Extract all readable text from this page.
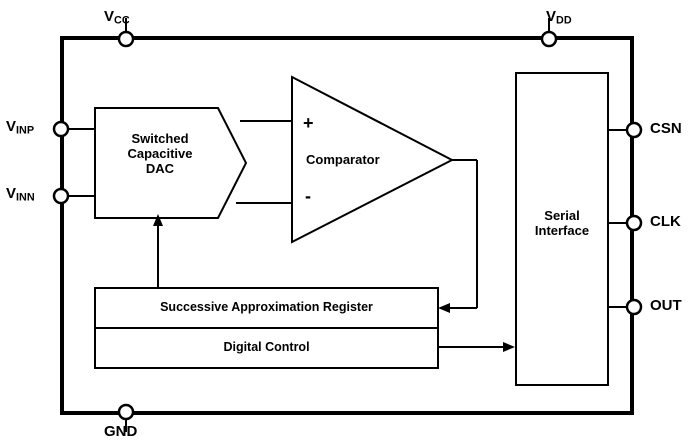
$V_{CC}$	$V_{DD}$
$V_{INP}$
$V_{INN}$
CSN
CLK
OUT
GND
Switched
Capacitive
DAC
Comparator
+
-
Serial
Interface
Successive Approximation Register
Digital Control
